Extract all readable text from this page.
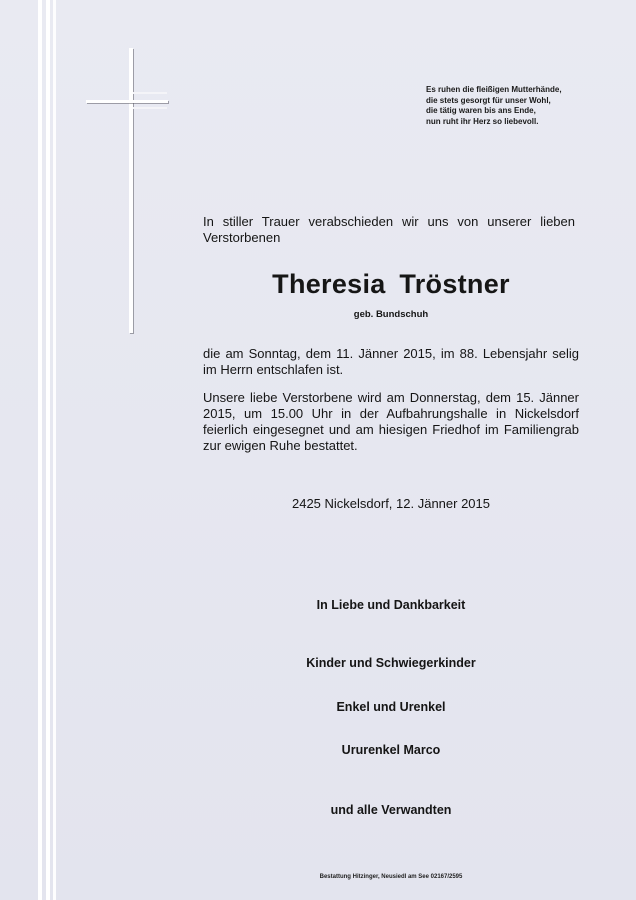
Es ruhen die fleißigen Mutterhände,
die stets gesorgt für unser Wohl,
die tätig waren bis ans Ende,
nun ruht ihr Herz so liebevoll.
In stiller Trauer verabschieden wir uns von unserer lieben Verstorbenen
Theresia Tröstner
geb. Bundschuh
die am Sonntag, dem 11. Jänner 2015, im 88. Lebensjahr selig im Herrn entschlafen ist.
Unsere liebe Verstorbene wird am Donnerstag, dem 15. Jänner 2015, um 15.00 Uhr in der Aufbahrungshalle in Nickelsdorf feierlich eingesegnet und am hiesigen Friedhof im Familiengrab zur ewigen Ruhe bestattet.
2425 Nickelsdorf, 12. Jänner 2015
In Liebe und Dankbarkeit
Kinder und Schwiegerkinder
Enkel und Urenkel
Ururenkel Marco
und alle Verwandten
Bestattung Hitzinger, Neusiedl am See 02167/2595
